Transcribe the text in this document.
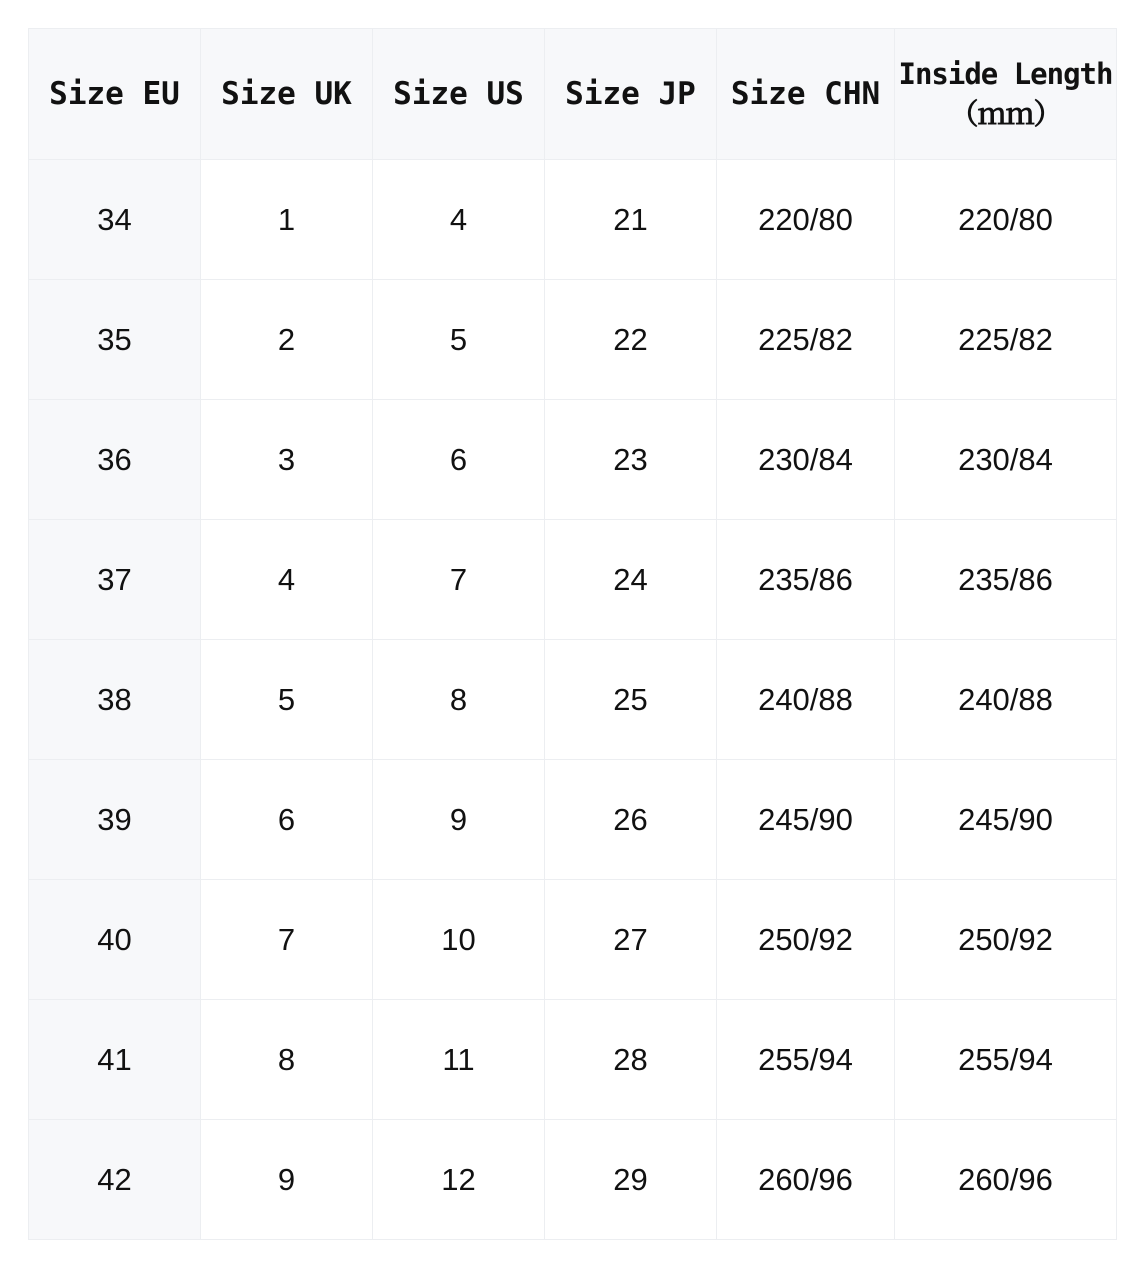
Size EU	Size UK	Size US	Size JP	Size CHN	Inside Length
（ｍｍ）

34	1	4	21	220/80	220/80
35	2	5	22	225/82	225/82
36	3	6	23	230/84	230/84
37	4	7	24	235/86	235/86
38	5	8	25	240/88	240/88
39	6	9	26	245/90	245/90
40	7	10	27	250/92	250/92
41	8	11	28	255/94	255/94
42	9	12	29	260/96	260/96
